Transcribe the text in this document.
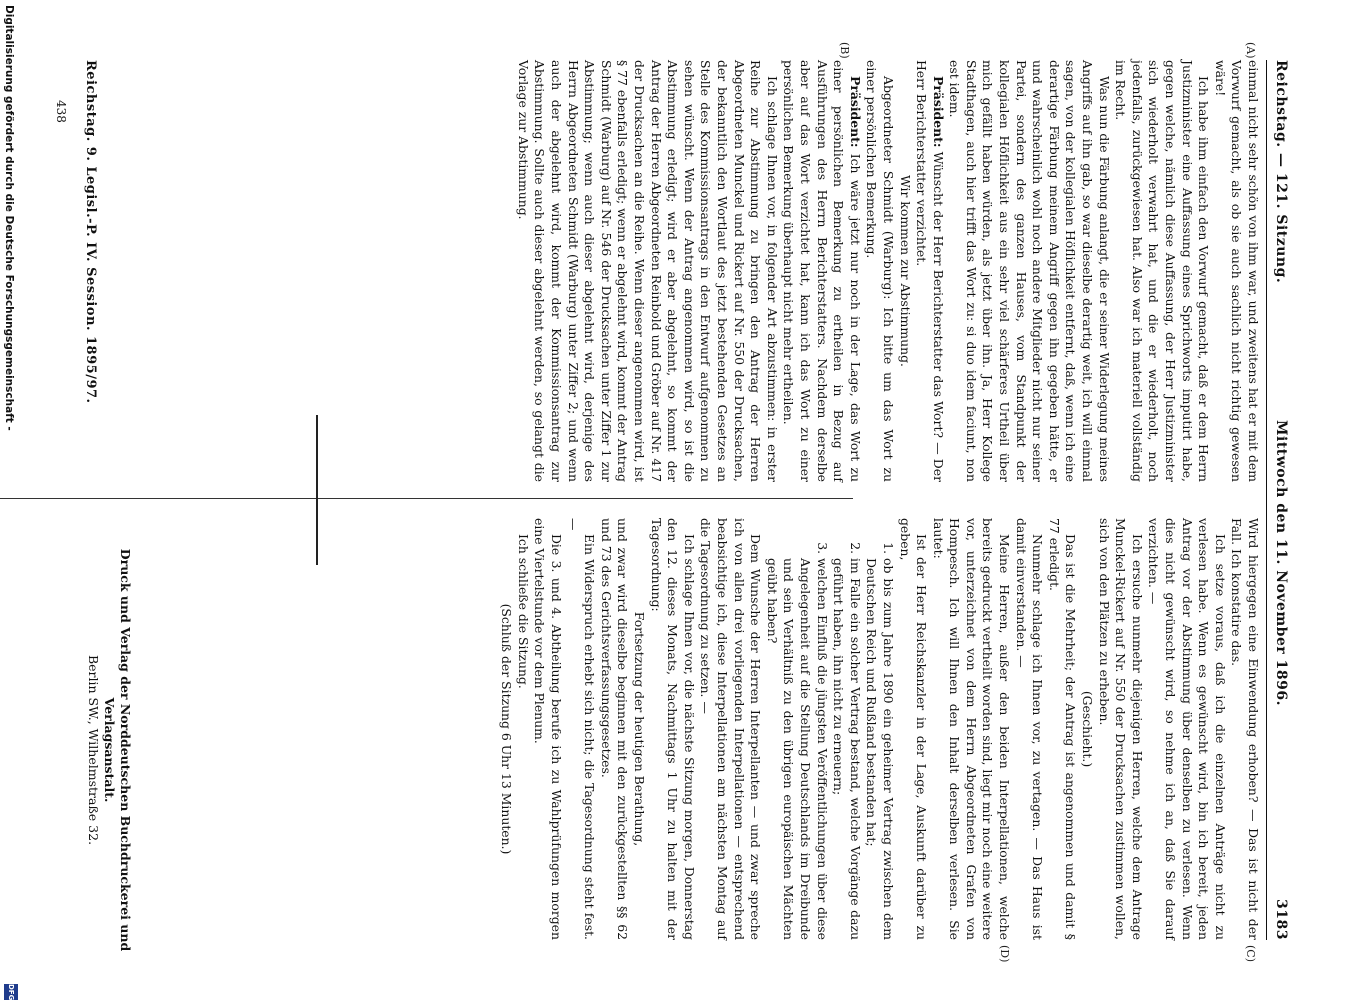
Reichstag. — 121. Sitzung.
Mittwoch den 11. November 1896.
3183
(A)
(B)
(C)
(D)

einmal nicht sehr schön von ihm war, und zweitens hat er mit dem Vorwurf gemacht, als ob sie auch sachlich nicht richtig gewesen wäre!

Ich habe ihm einfach den Vorwurf gemacht, daß er dem Herrn Justizminister eine Auffassung eines Sprichworts imputirt habe, gegen welche, nämlich diese Auffassung, der Herr Justizminister sich wiederholt verwahrt hat, und die er wiederholt, noch jedenfalls, zurückgewiesen hat. Also war ich materiell vollständig im Recht.

Was nun die Färbung anlangt, die er seiner Widerlegung meines Angriffs auf ihn gab, so war dieselbe derartig weit, ich will einmal sagen, von der kollegialen Höflichkeit entfernt, daß, wenn ich eine derartige Färbung meinem Angriff gegen ihn gegeben hätte, er und wahrscheinlich wohl noch andere Mitglieder nicht nur seiner Partei, sondern des ganzen Hauses, vom Standpunkt der kollegialen Höflichkeit aus ein sehr viel schärferes Urtheil über mich gefällt haben würden, als jetzt über ihn. Ja, Herr Kollege Stadthagen, auch hier trifft das Wort zu: si duo idem faciunt, non est idem.

Präsident: Wünscht der Herr Berichterstatter das Wort? — Der Herr Berichterstatter verzichtet.

Wir kommen zur Abstimmung.

Abgeordneter Schmidt (Warburg): Ich bitte um das Wort zu einer persönlichen Bemerkung.

Präsident: Ich wäre jetzt nur noch in der Lage, das Wort zu einer persönlichen Bemerkung zu ertheilen in Bezug auf Ausführungen des Herrn Berichterstatters. Nachdem derselbe aber auf das Wort verzichtet hat, kann ich das Wort zu einer persönlichen Bemerkung überhaupt nicht mehr ertheilen.

Ich schlage Ihnen vor, in folgender Art abzustimmen: in erster Reihe zur Abstimmung zu bringen den Antrag der Herren Abgeordneten Munckel und Rickert auf Nr. 550 der Drucksachen, der bekanntlich den Wortlaut des jetzt bestehenden Gesetzes an Stelle des Kommissionsantrags in den Entwurf aufgenommen zu sehen wünscht. Wenn der Antrag angenommen wird, so ist die Abstimmung erledigt; wird er aber abgelehnt, so kommt der Antrag der Herren Abgeordneten Reinbold und Gröber auf Nr. 417 der Drucksachen an die Reihe. Wenn dieser angenommen wird, ist § 77 ebenfalls erledigt; wenn er abgelehnt wird, kommt der Antrag Schmidt (Warburg) auf Nr. 546 der Drucksachen unter Ziffer 1 zur Abstimmung; wenn auch dieser abgelehnt wird, derjenige des Herrn Abgeordneten Schmidt (Warburg) unter Ziffer 2; und wenn auch der abgelehnt wird, kommt der Kommissionsantrag zur Abstimmung. Sollte auch dieser abgelehnt werden, so gelangt die Vorlage zur Abstimmung.

Wird hiergegen eine Einwendung erhoben? — Das ist nicht der Fall. Ich konstatire das.

Ich setze voraus, daß ich die einzelnen Anträge nicht zu verlesen habe. Wenn es gewünscht wird, bin ich bereit, jeden Antrag vor der Abstimmung über denselben zu verlesen. Wenn dies nicht gewünscht wird, so nehme ich an, daß Sie darauf verzichten. —

Ich ersuche nunmehr diejenigen Herren, welche dem Antrage Munckel-Rickert auf Nr. 550 der Drucksachen zustimmen wollen, sich von den Plätzen zu erheben.

(Geschieht.)

Das ist die Mehrheit; der Antrag ist angenommen und damit § 77 erledigt.

Nunmehr schlage ich Ihnen vor, zu vertagen. — Das Haus ist damit einverstanden. —

Meine Herren, außer den beiden Interpellationen, welche bereits gedruckt vertheilt worden sind, liegt mir noch eine weitere vor, unterzeichnet von dem Herrn Abgeordneten Grafen von Hompesch. Ich will Ihnen den Inhalt derselben verlesen. Sie lautet:

Ist der Herr Reichskanzler in der Lage, Auskunft darüber zu geben,

1. ob bis zum Jahre 1890 ein geheimer Vertrag zwischen dem Deutschen Reich und Rußland bestanden hat;
2. im Falle ein solcher Vertrag bestand, welche Vorgänge dazu geführt haben, ihn nicht zu erneuern;
3. welchen Einfluß die jüngsten Veröffentlichungen über diese Angelegenheit auf die Stellung Deutschlands im Dreibunde und sein Verhältniß zu den übrigen europäischen Mächten geübt haben?

Dem Wunsche der Herren Interpellanten — und zwar spreche ich von allen drei vorliegenden Interpellationen — entsprechend beabsichtige ich, diese Interpellationen am nächsten Montag auf die Tagesordnung zu setzen. —

Ich schlage Ihnen vor, die nächste Sitzung morgen, Donnerstag den 12. dieses Monats, Nachmittags 1 Uhr zu halten mit der Tagesordnung:

Fortsetzung der heutigen Berathung,

und zwar wird dieselbe beginnen mit den zurückgestellten §§ 62 und 73 des Gerichtsverfassungsgesetzes.

Ein Widerspruch erhebt sich nicht; die Tagesordnung steht fest. —

Die 3. und 4. Abtheilung berufe ich zu Wahlprüfungen morgen eine Viertelstunde vor dem Plenum.

Ich schließe die Sitzung.

(Schluß der Sitzung 6 Uhr 13 Minuten.)

Reichstag. 9. Legisl.-P. IV. Session. 1895/97.
Druck und Verlag der Norddeutschen Buchdruckerei und Verlagsanstalt.
Berlin SW., Wilhelmstraße 32.
438
Digitalisierung gefördert durch die Deutsche Forschungsgemeinschaft -
DFG
